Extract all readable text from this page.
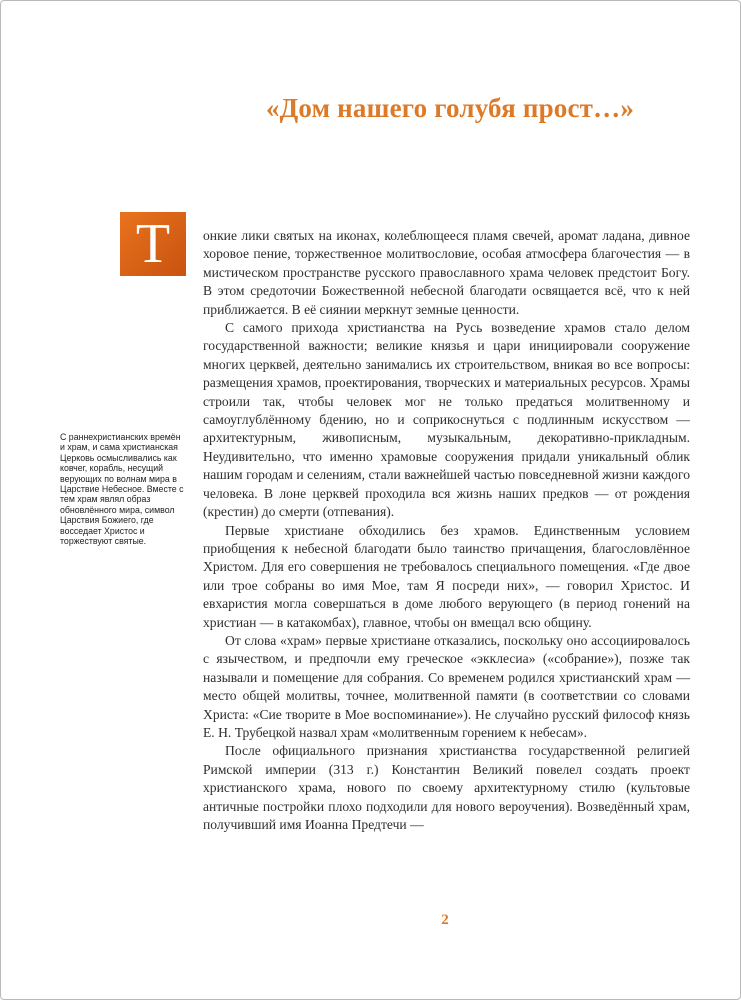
«Дом нашего голубя прост…»
Т

С раннехристианских времён и храм, и сама христианская Церковь осмысливались как ковчег, корабль, несущий верующих по волнам мира в Царствие Небесное. Вместе с тем храм являл образ обновлённого мира, символ Царствия Божиего, где восседает Христос и торжествуют святые.

онкие лики святых на иконах, колеблющееся пламя свечей, аромат ладана, дивное хоровое пение, торжественное молитвословие, особая атмосфера благочестия — в мистическом пространстве русского православного храма человек предстоит Богу. В этом средоточии Божественной небесной благодати освящается всё, что к ней приближается. В её сиянии меркнут земные ценности.

С самого прихода христианства на Русь возведение храмов стало делом государственной важности; великие князья и цари инициировали сооружение многих церквей, деятельно занимались их строительством, вникая во все вопросы: размещения храмов, проектирования, творческих и материальных ресурсов. Храмы строили так, чтобы человек мог не только предаться молитвенному и самоуглублённому бдению, но и соприкоснуться с подлинным искусством — архитектурным, живописным, музыкальным, декоративно-прикладным. Неудивительно, что именно храмовые сооружения придали уникальный облик нашим городам и селениям, стали важнейшей частью повседневной жизни каждого человека. В лоне церквей проходила вся жизнь наших предков — от рождения (крестин) до смерти (отпевания).

Первые христиане обходились без храмов. Единственным условием приобщения к небесной благодати было таинство причащения, благословлённое Христом. Для его совершения не требовалось специального помещения. «Где двое или трое собраны во имя Мое, там Я посреди них», — говорил Христос. И евхаристия могла совершаться в доме любого верующего (в период гонений на христиан — в катакомбах), главное, чтобы он вмещал всю общину.

От слова «храм» первые христиане отказались, поскольку оно ассоциировалось с язычеством, и предпочли ему греческое «экклесиа» («собрание»), позже так называли и помещение для собрания. Со временем родился христианский храм — место общей молитвы, точнее, молитвенной памяти (в соответствии со словами Христа: «Сие творите в Мое воспоминание»). Не случайно русский философ князь Е. Н. Трубецкой назвал храм «молитвенным горением к небесам».

После официального признания христианства государственной религией Римской империи (313 г.) Константин Великий повелел создать проект христианского храма, нового по своему архитектурному стилю (культовые античные постройки плохо подходили для нового вероучения). Возведённый храм, получивший имя Иоанна Предтечи —

2
